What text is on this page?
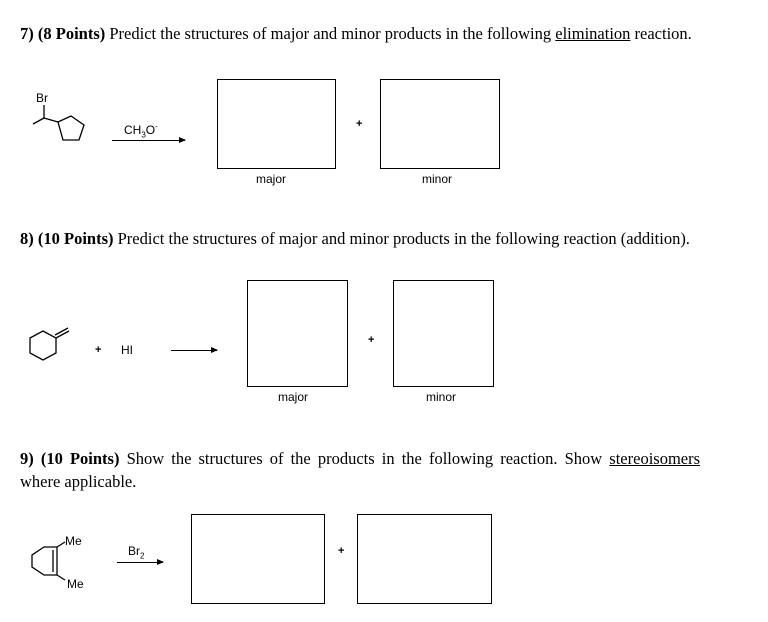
7) (8 Points) Predict the structures of major and minor products in the following elimination reaction.
Br
$CH_3O^-$	+
major	minor
8) (10 Points) Predict the structures of major and minor products in the following reaction (addition).
+ HI
+
major	minor
9) (10 Points) Show the structures of the products in the following reaction. Show stereoisomers where applicable.
Me
Me
$Br_2$	+
